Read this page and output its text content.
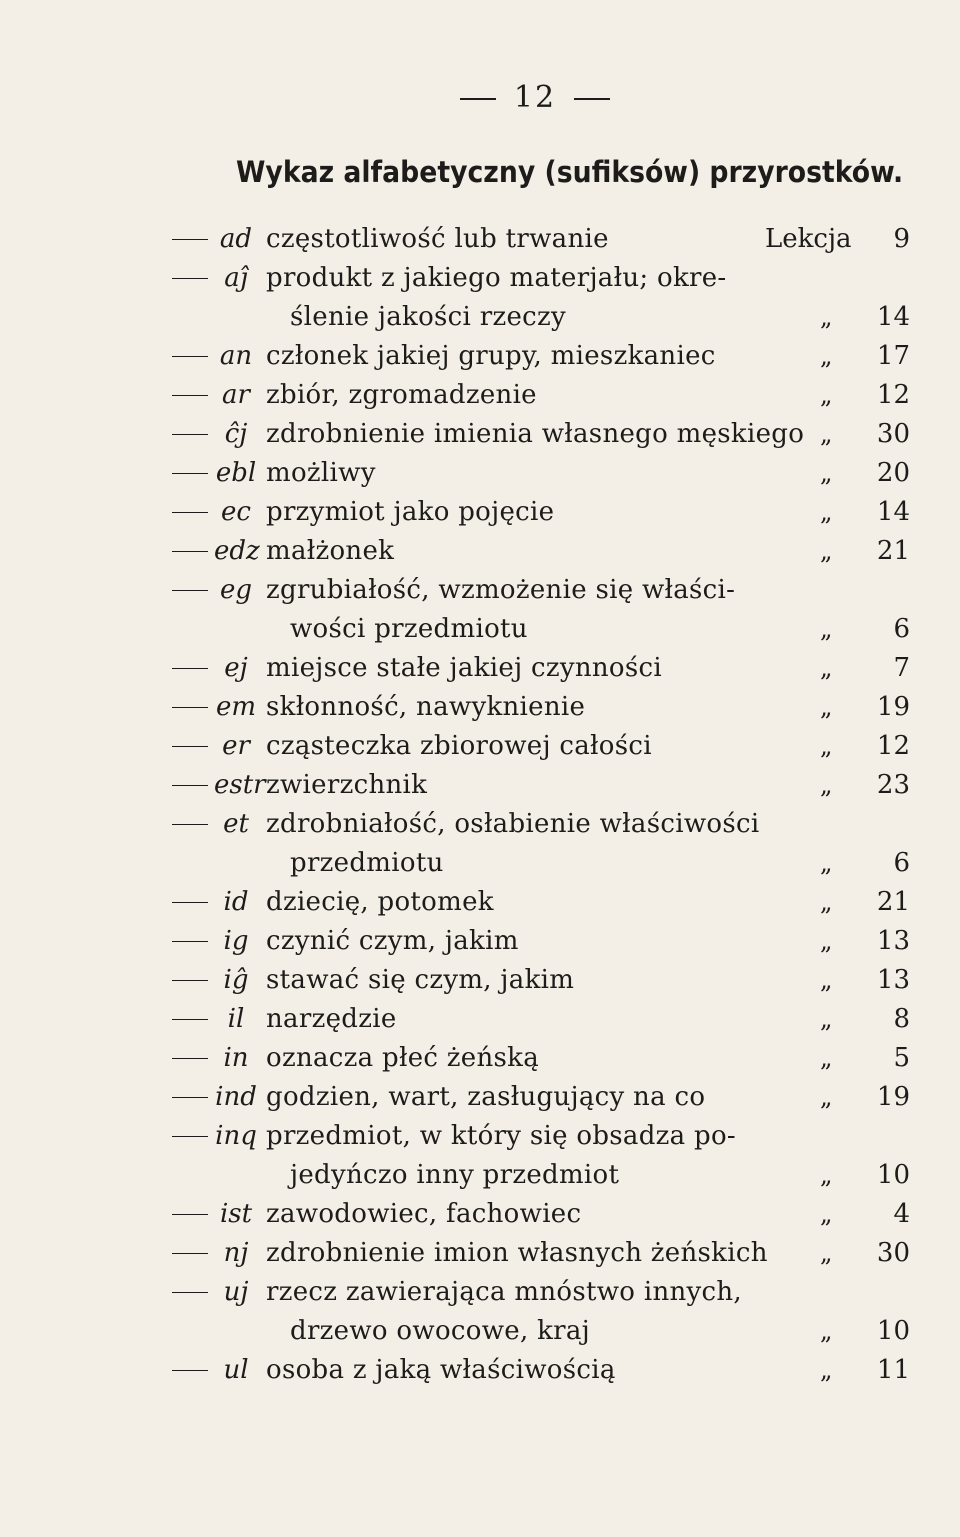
12
Wykaz alfabetyczny (sufiksów) przyrostków.
ad częstotliwość lub trwanie	Lekcja 9
aĵ produkt z jakiego materjału; okre-
ślenie jakości rzeczy	„ 14
an członek jakiej grupy, mieszkaniec	„ 17
ar zbiór, zgromadzenie	„ 12
ĉj zdrobnienie imienia własnego męskiego „ 30
ebl możliwy	„ 20
ec przymiot jako pojęcie	„ 14
edz małżonek	„ 21
eg zgrubiałość, wzmożenie się właści-
wości przedmiotu	„ 6
ej miejsce stałe jakiej czynności	„ 7
em skłonność, nawyknienie	„ 19
er cząsteczka zbiorowej całości	„ 12
estr zwierzchnik	„ 23
et zdrobniałość, osłabienie właściwości
przedmiotu	„ 6
id dziecię, potomek	„ 21
ig czynić czym, jakim	„ 13
iĝ stawać się czym, jakim	„ 13
il narzędzie	„ 8
in oznacza płeć żeńską	„ 5
ind godzien, wart, zasługujący na co	„ 19
inq przedmiot, w który się obsadza po-
jedyńczo inny przedmiot	„ 10
ist zawodowiec, fachowiec	„ 4
nj zdrobnienie imion własnych żeńskich „ 30
uj rzecz zawierająca mnóstwo innych,
drzewo owocowe, kraj	„ 10
ul osoba z jaką właściwością	„ 11
